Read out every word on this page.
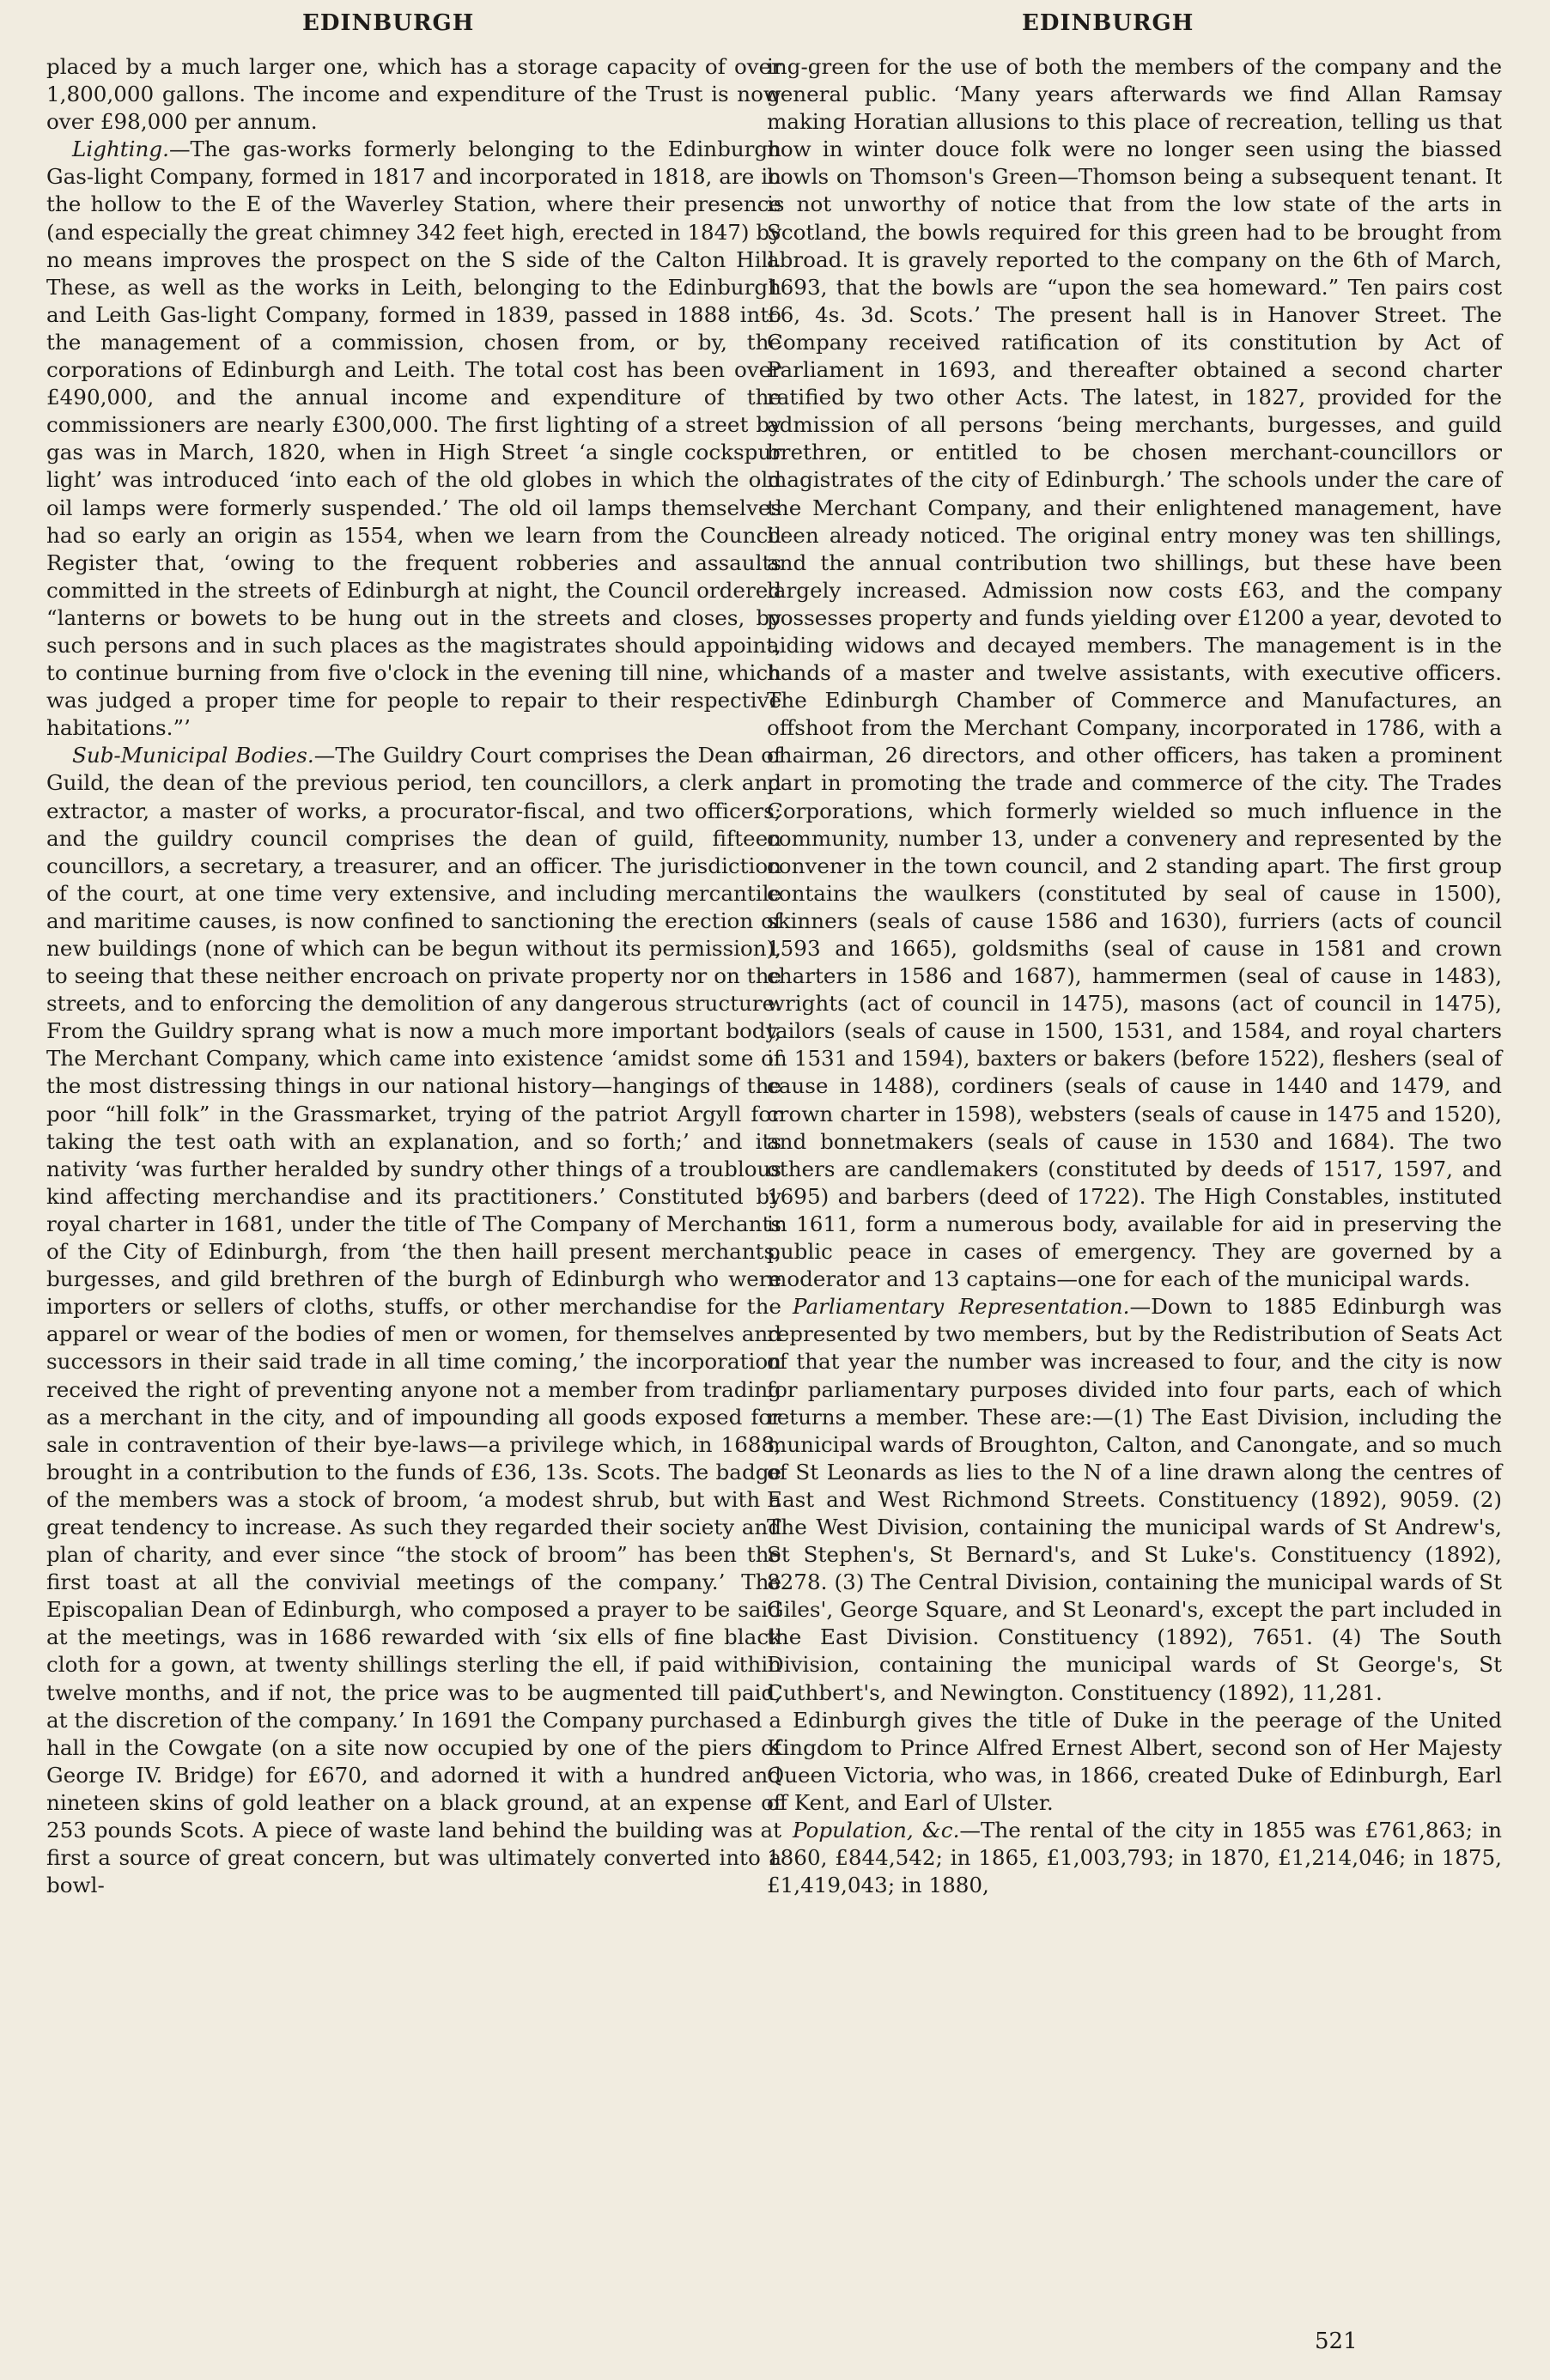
EDINBURGH	EDINBURGH

placed by a much larger one, which has a storage capacity of over 1,800,000 gallons. The income and expenditure of the Trust is now over £98,000 per annum.

Lighting.—The gas-works formerly belonging to the Edinburgh Gas-light Company, formed in 1817 and incorporated in 1818, are in the hollow to the E of the Waverley Station, where their presence (and especially the great chimney 342 feet high, erected in 1847) by no means improves the prospect on the S side of the Calton Hill. These, as well as the works in Leith, belonging to the Edinburgh and Leith Gas-light Company, formed in 1839, passed in 1888 into the management of a commission, chosen from, or by, the corporations of Edinburgh and Leith. The total cost has been over £490,000, and the annual income and expenditure of the commissioners are nearly £300,000. The first lighting of a street by gas was in March, 1820, when in High Street ‘a single cockspur light’ was introduced ‘into each of the old globes in which the old oil lamps were formerly suspended.’ The old oil lamps themselves had so early an origin as 1554, when we learn from the Council Register that, ‘owing to the frequent robberies and assaults committed in the streets of Edinburgh at night, the Council ordered “lanterns or bowets to be hung out in the streets and closes, by such persons and in such places as the magistrates should appoint, to continue burning from five o'clock in the evening till nine, which was judged a proper time for people to repair to their respective habitations.”’

Sub-Municipal Bodies.—The Guildry Court comprises the Dean of Guild, the dean of the previous period, ten councillors, a clerk and extractor, a master of works, a procurator-fiscal, and two officers; and the guildry council comprises the dean of guild, fifteen councillors, a secretary, a treasurer, and an officer. The jurisdiction of the court, at one time very extensive, and including mercantile and maritime causes, is now confined to sanctioning the erection of new buildings (none of which can be begun without its permission), to seeing that these neither encroach on private property nor on the streets, and to enforcing the demolition of any dangerous structure. From the Guildry sprang what is now a much more important body, The Merchant Company, which came into existence ‘amidst some of the most distressing things in our national history—hangings of the poor “hill folk” in the Grassmarket, trying of the patriot Argyll for taking the test oath with an explanation, and so forth;’ and its nativity ‘was further heralded by sundry other things of a troublous kind affecting merchandise and its practitioners.’ Constituted by royal charter in 1681, under the title of The Company of Merchants of the City of Edinburgh, from ‘the then haill present merchants, burgesses, and gild brethren of the burgh of Edinburgh who were importers or sellers of cloths, stuffs, or other merchandise for the apparel or wear of the bodies of men or women, for themselves and successors in their said trade in all time coming,’ the incorporation received the right of preventing anyone not a member from trading as a merchant in the city, and of impounding all goods exposed for sale in contravention of their bye-laws—a privilege which, in 1688, brought in a contribution to the funds of £36, 13s. Scots. The badge of the members was a stock of broom, ‘a modest shrub, but with a great tendency to increase. As such they regarded their society and plan of charity, and ever since “the stock of broom” has been the first toast at all the convivial meetings of the company.’ The Episcopalian Dean of Edinburgh, who composed a prayer to be said at the meetings, was in 1686 rewarded with ‘six ells of fine black cloth for a gown, at twenty shillings sterling the ell, if paid within twelve months, and if not, the price was to be augmented till paid, at the discretion of the company.’ In 1691 the Company purchased a hall in the Cowgate (on a site now occupied by one of the piers of George IV. Bridge) for £670, and adorned it with a hundred and nineteen skins of gold leather on a black ground, at an expense of 253 pounds Scots. A piece of waste land behind the building was at first a source of great concern, but was ultimately converted into a bowl-

ing-green for the use of both the members of the company and the general public. ‘Many years afterwards we find Allan Ramsay making Horatian allusions to this place of recreation, telling us that now in winter douce folk were no longer seen using the biassed bowls on Thomson's Green—Thomson being a subsequent tenant. It is not unworthy of notice that from the low state of the arts in Scotland, the bowls required for this green had to be brought from abroad. It is gravely reported to the company on the 6th of March, 1693, that the bowls are “upon the sea homeward.” Ten pairs cost £6, 4s. 3d. Scots.’ The present hall is in Hanover Street. The Company received ratification of its constitution by Act of Parliament in 1693, and thereafter obtained a second charter ratified by two other Acts. The latest, in 1827, provided for the admission of all persons ‘being merchants, burgesses, and guild brethren, or entitled to be chosen merchant-councillors or magistrates of the city of Edinburgh.’ The schools under the care of the Merchant Company, and their enlightened management, have been already noticed. The original entry money was ten shillings, and the annual contribution two shillings, but these have been largely increased. Admission now costs £63, and the company possesses property and funds yielding over £1200 a year, devoted to aiding widows and decayed members. The management is in the hands of a master and twelve assistants, with executive officers. The Edinburgh Chamber of Commerce and Manufactures, an offshoot from the Merchant Company, incorporated in 1786, with a chairman, 26 directors, and other officers, has taken a prominent part in promoting the trade and commerce of the city. The Trades Corporations, which formerly wielded so much influence in the community, number 13, under a convenery and represented by the convener in the town council, and 2 standing apart. The first group contains the waulkers (constituted by seal of cause in 1500), skinners (seals of cause 1586 and 1630), furriers (acts of council 1593 and 1665), goldsmiths (seal of cause in 1581 and crown charters in 1586 and 1687), hammermen (seal of cause in 1483), wrights (act of council in 1475), masons (act of council in 1475), tailors (seals of cause in 1500, 1531, and 1584, and royal charters in 1531 and 1594), baxters or bakers (before 1522), fleshers (seal of cause in 1488), cordiners (seals of cause in 1440 and 1479, and crown charter in 1598), websters (seals of cause in 1475 and 1520), and bonnetmakers (seals of cause in 1530 and 1684). The two others are candlemakers (constituted by deeds of 1517, 1597, and 1695) and barbers (deed of 1722). The High Constables, instituted in 1611, form a numerous body, available for aid in preserving the public peace in cases of emergency. They are governed by a moderator and 13 captains—one for each of the municipal wards.

Parliamentary Representation.—Down to 1885 Edinburgh was represented by two members, but by the Redistribution of Seats Act of that year the number was increased to four, and the city is now for parliamentary purposes divided into four parts, each of which returns a member. These are:—(1) The East Division, including the municipal wards of Broughton, Calton, and Canongate, and so much of St Leonards as lies to the N of a line drawn along the centres of East and West Richmond Streets. Constituency (1892), 9059. (2) The West Division, containing the municipal wards of St Andrew's, St Stephen's, St Bernard's, and St Luke's. Constituency (1892), 8278. (3) The Central Division, containing the municipal wards of St Giles', George Square, and St Leonard's, except the part included in the East Division. Constituency (1892), 7651. (4) The South Division, containing the municipal wards of St George's, St Cuthbert's, and Newington. Constituency (1892), 11,281.

Edinburgh gives the title of Duke in the peerage of the United Kingdom to Prince Alfred Ernest Albert, second son of Her Majesty Queen Victoria, who was, in 1866, created Duke of Edinburgh, Earl of Kent, and Earl of Ulster.

Population, &c.—The rental of the city in 1855 was £761,863; in 1860, £844,542; in 1865, £1,003,793; in 1870, £1,214,046; in 1875, £1,419,043; in 1880,

521
